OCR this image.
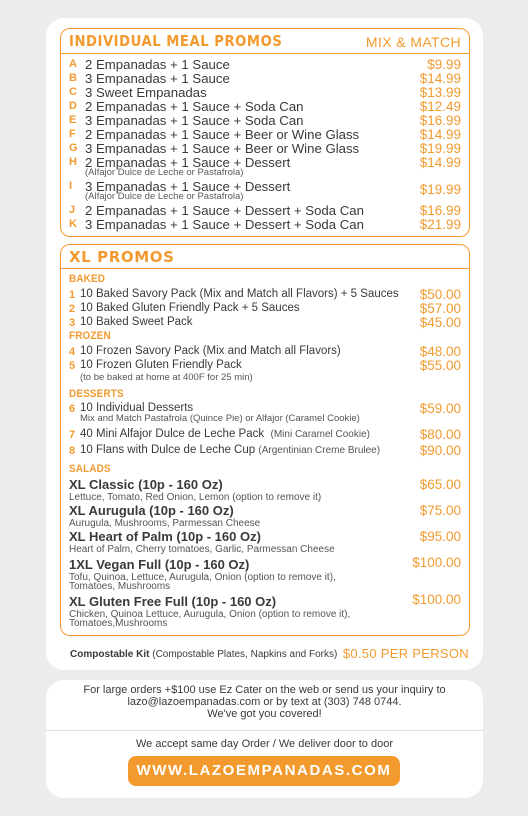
INDIVIDUAL MEAL PROMOS	MIX & MATCH
A 2 Empanadas + 1 Sauce	$9.99
B 3 Empanadas + 1 Sauce	$14.99
C 3 Sweet Empanadas	$13.99
D 2 Empanadas + 1 Sauce + Soda Can	$12.49
E 3 Empanadas + 1 Sauce + Soda Can	$16.99
F 2 Empanadas + 1 Sauce + Beer or Wine Glass	$14.99
G 3 Empanadas + 1 Sauce + Beer or Wine Glass	$19.99
H 2 Empanadas + 1 Sauce + Dessert	$14.99
(Alfajor Dulce de Leche or Pastafrola)
I 3 Empanadas + 1 Sauce + Dessert	$19.99
(Alfajor Dulce de Leche or Pastafrola)
J 2 Empanadas + 1 Sauce + Dessert + Soda Can	$16.99
K 3 Empanadas + 1 Sauce + Dessert + Soda Can	$21.99
XL PROMOS
BAKED
1 10 Baked Savory Pack (Mix and Match all Flavors) + 5 Sauces $50.00
2 10 Baked Gluten Friendly Pack + 5 Sauces	$57.00
3 10 Baked Sweet Pack	$45.00
FROZEN
4 10 Frozen Savory Pack (Mix and Match all Flavors)	$48.00
5 10 Frozen Gluten Friendly Pack	$55.00
(to be baked at home at 400F for 25 min)
DESSERTS
6 10 Individual Desserts	$59.00
Mix and Match Pastafrola (Quince Pie) or Alfajor (Caramel Cookie)
7 40 Mini Alfajor Dulce de Leche Pack (Mini Caramel Cookie)	$80.00
8 10 Flans with Dulce de Leche Cup (Argentinian Creme Brulee)	$90.00
SALADS
XL Classic (10p - 160 Oz)	$65.00
Lettuce, Tomato, Red Onion, Lemon (option to remove it)
XL Aurugula (10p - 160 Oz)	$75.00
Aurugula, Mushrooms, Parmessan Cheese
XL Heart of Palm (10p - 160 Oz)	$95.00
Heart of Palm, Cherry tomatoes, Garlic, Parmessan Cheese
1XL Vegan Full (10p - 160 Oz)	$100.00
Tofu, Quinoa, Lettuce, Aurugula, Onion (option to remove it),
Tomatoes, Mushrooms
XL Gluten Free Full (10p - 160 Oz)	$100.00
Chicken, Quinoa Lettuce, Aurugula, Onion (option to remove it),
Tomatoes,Mushrooms
Compostable Kit (Compostable Plates, Napkins and Forks) $0.50 PER PERSON
For large orders +$100 use Ez Cater on the web or send us your inquiry to
lazo@lazoempanadas.com or by text at (303) 748 0744.
We've got you covered!
We accept same day Order / We deliver door to door
WWW.LAZOEMPANADAS.COM
